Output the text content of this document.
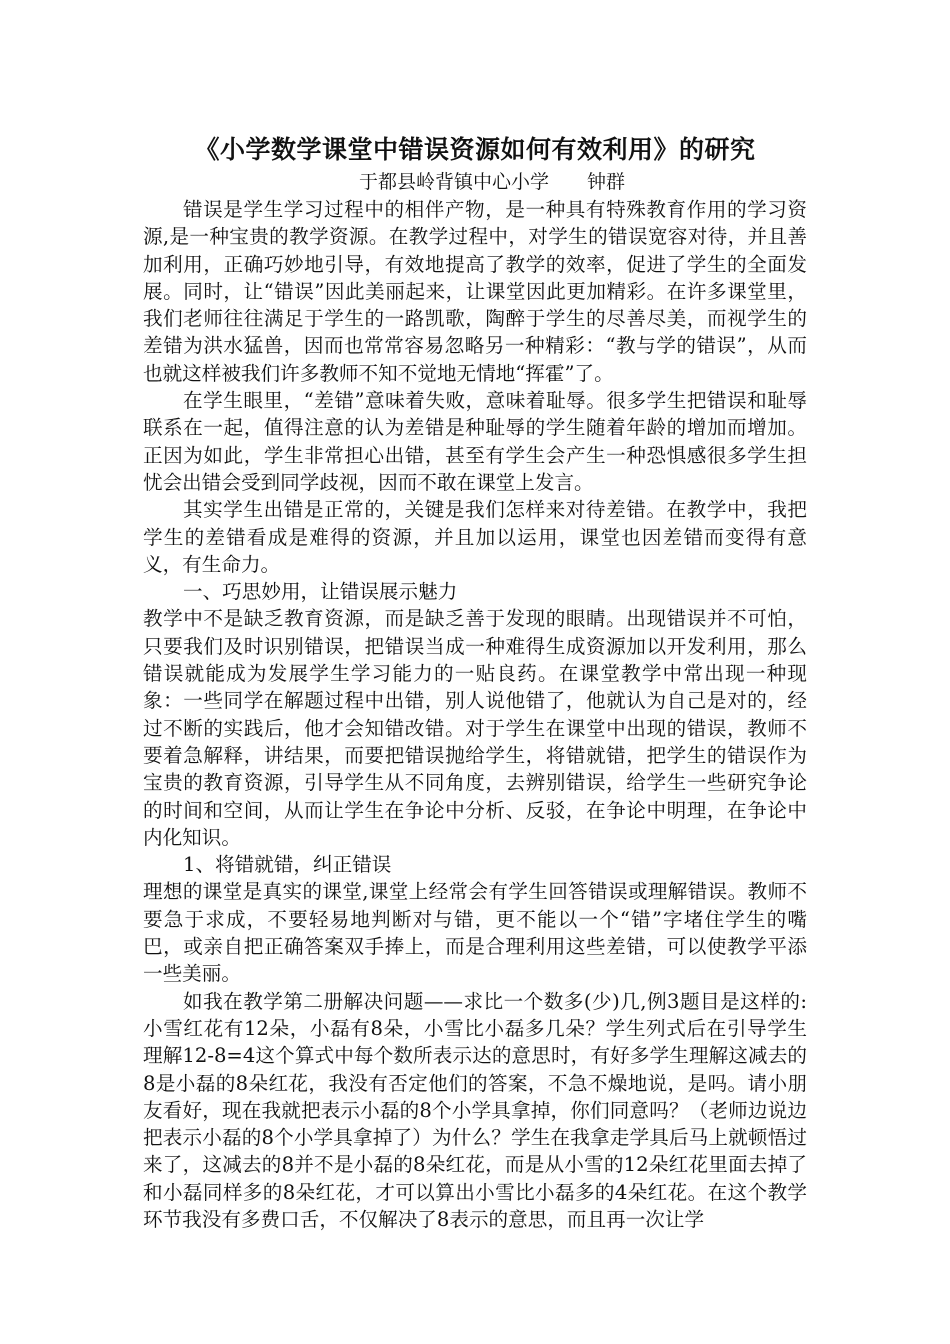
《小学数学课堂中错误资源如何有效利用》的研究

于都县岭背镇中心小学　　钟群

错误是学生学习过程中的相伴产物，是一种具有特殊教育作用的学习资源,是一种宝贵的教学资源。在教学过程中，对学生的错误宽容对待，并且善加利用，正确巧妙地引导，有效地提高了教学的效率，促进了学生的全面发展。同时，让“错误”因此美丽起来，让课堂因此更加精彩。在许多课堂里，我们老师往往满足于学生的一路凯歌，陶醉于学生的尽善尽美，而视学生的差错为洪水猛兽，因而也常常容易忽略另一种精彩：“教与学的错误”，从而也就这样被我们许多教师不知不觉地无情地“挥霍”了。

在学生眼里，“差错”意味着失败，意味着耻辱。很多学生把错误和耻辱联系在一起，值得注意的认为差错是种耻辱的学生随着年龄的增加而增加。正因为如此，学生非常担心出错，甚至有学生会产生一种恐惧感很多学生担忧会出错会受到同学歧视，因而不敢在课堂上发言。

其实学生出错是正常的，关键是我们怎样来对待差错。在教学中，我把学生的差错看成是难得的资源，并且加以运用，课堂也因差错而变得有意义，有生命力。

一、巧思妙用，让错误展示魅力

教学中不是缺乏教育资源，而是缺乏善于发现的眼睛。出现错误并不可怕，只要我们及时识别错误，把错误当成一种难得生成资源加以开发利用，那么错误就能成为发展学生学习能力的一贴良药。在课堂教学中常出现一种现象：一些同学在解题过程中出错，别人说他错了，他就认为自己是对的，经过不断的实践后，他才会知错改错。对于学生在课堂中出现的错误，教师不要着急解释，讲结果，而要把错误抛给学生，将错就错，把学生的错误作为宝贵的教育资源，引导学生从不同角度，去辨别错误，给学生一些研究争论的时间和空间，从而让学生在争论中分析、反驳，在争论中明理，在争论中内化知识。

1、将错就错，纠正错误

理想的课堂是真实的课堂,课堂上经常会有学生回答错误或理解错误。教师不要急于求成，不要轻易地判断对与错，更不能以一个“错”字堵住学生的嘴巴，或亲自把正确答案双手捧上，而是合理利用这些差错，可以使教学平添一些美丽。

如我在教学第二册解决问题——求比一个数多(少)几,例3题目是这样的:小雪红花有12朵，小磊有8朵，小雪比小磊多几朵？学生列式后在引导学生理解12-8=4这个算式中每个数所表示达的意思时，有好多学生理解这减去的8是小磊的8朵红花，我没有否定他们的答案，不急不燥地说，是吗。请小朋友看好，现在我就把表示小磊的8个小学具拿掉，你们同意吗？（老师边说边把表示小磊的8个小学具拿掉了）为什么？学生在我拿走学具后马上就顿悟过来了，这减去的8并不是小磊的8朵红花，而是从小雪的12朵红花里面去掉了和小磊同样多的8朵红花，才可以算出小雪比小磊多的4朵红花。在这个教学环节我没有多费口舌，不仅解决了8表示的意思，而且再一次让学
